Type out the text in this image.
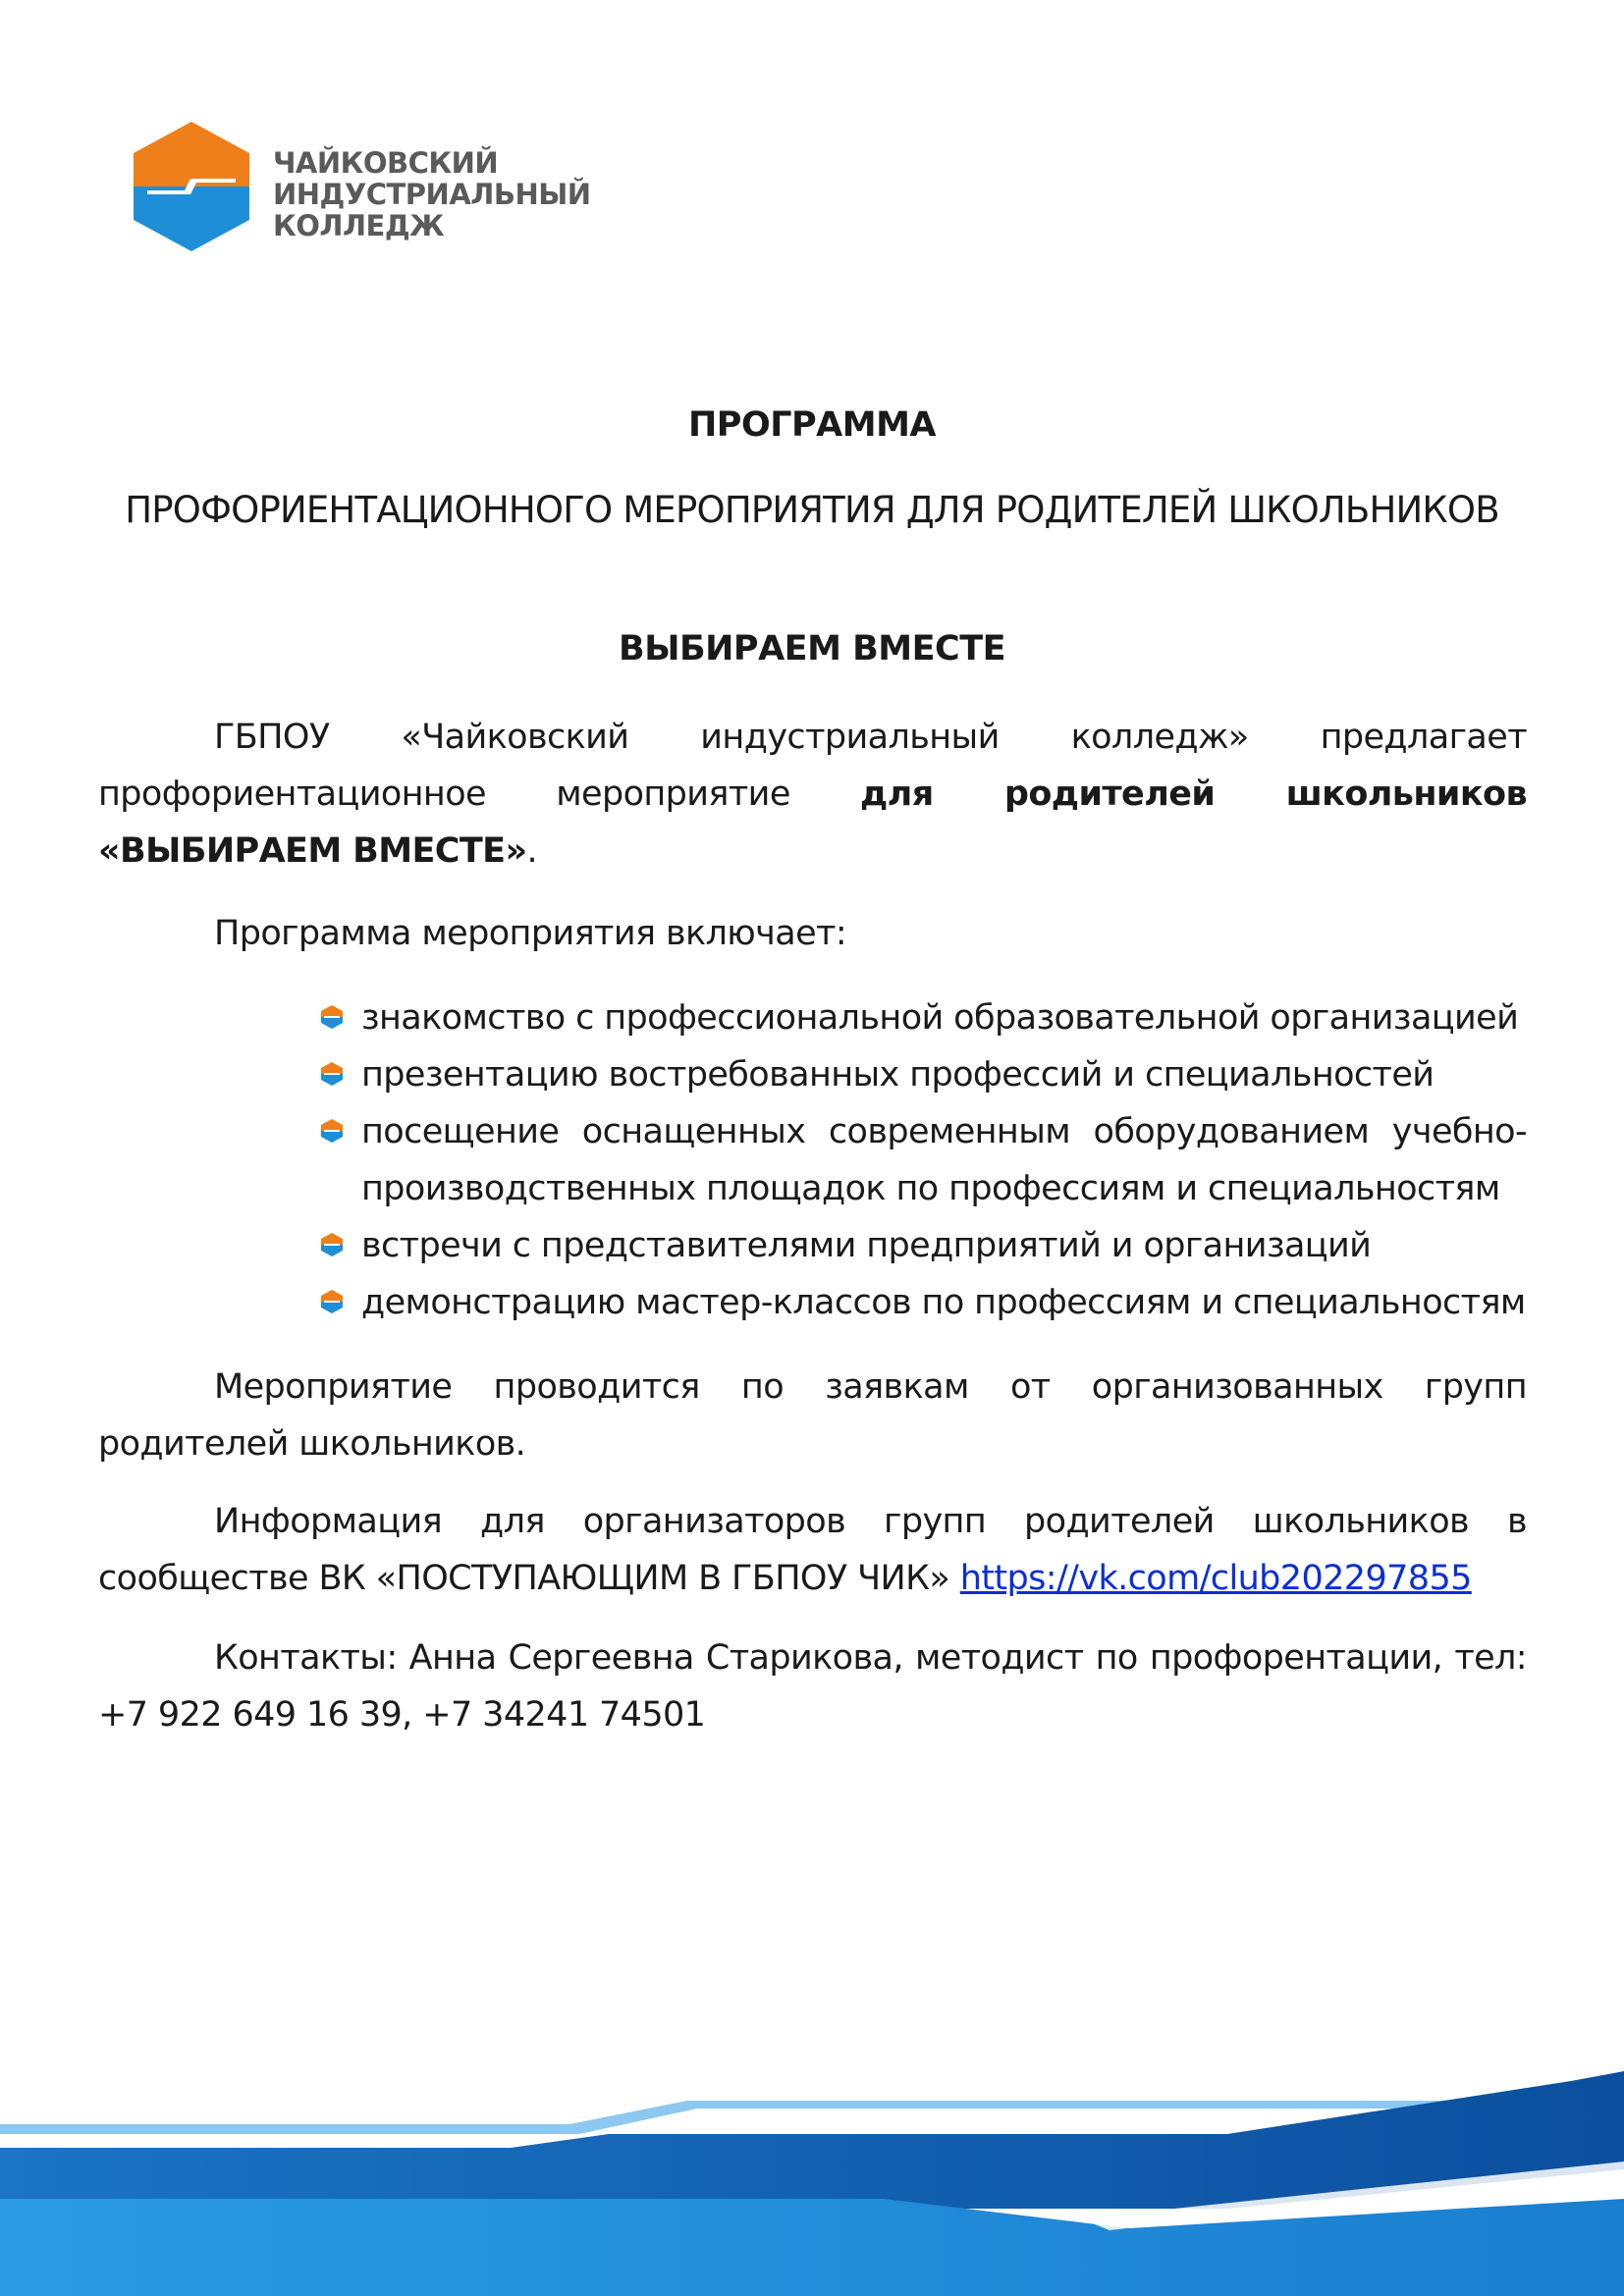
ЧАЙКОВСКИЙ
ИНДУСТРИАЛЬНЫЙ
КОЛЛЕДЖ
ПРОГРАММА
ПРОФОРИЕНТАЦИОННОГО МЕРОПРИЯТИЯ ДЛЯ РОДИТЕЛЕЙ ШКОЛЬНИКОВ
ВЫБИРАЕМ ВМЕСТЕ

ГБПОУ «Чайковский индустриальный колледж» предлагает профориентационное мероприятие для родителей школьников «ВЫБИРАЕМ ВМЕСТЕ».

Программа мероприятия включает:

знакомство с профессиональной образовательной организацией
презентацию востребованных профессий и специальностей
посещение оснащенных современным оборудованием учебно-производственных площадок по профессиям и специальностям
встречи с представителями предприятий и организаций
демонстрацию мастер-классов по профессиям и специальностям

Мероприятие проводится по заявкам от организованных групп родителей школьников.

Информация для организаторов групп родителей школьников в сообществе ВК «ПОСТУПАЮЩИМ В ГБПОУ ЧИК» https://vk.com/club202297855

Контакты: Анна Сергеевна Старикова, методист по профорентации, тел: +7 922 649 16 39, +7 34241 74501
